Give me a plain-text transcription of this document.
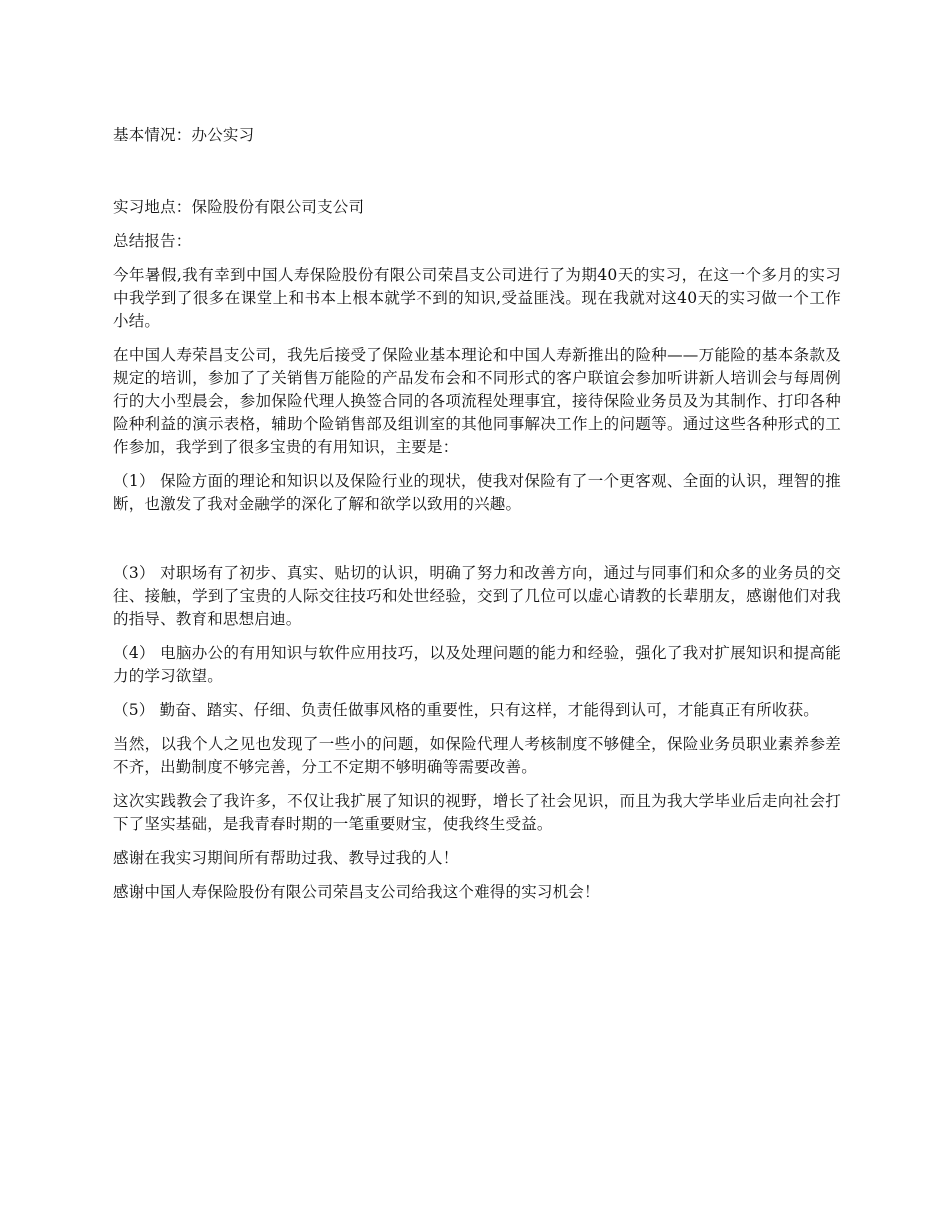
基本情况：办公实习

实习地点：保险股份有限公司支公司

总结报告：

今年暑假,我有幸到中国人寿保险股份有限公司荣昌支公司进行了为期40天的实习，在这一个多月的实习中我学到了很多在课堂上和书本上根本就学不到的知识,受益匪浅。现在我就对这40天的实习做一个工作小结。

在中国人寿荣昌支公司，我先后接受了保险业基本理论和中国人寿新推出的险种——万能险的基本条款及规定的培训，参加了了关销售万能险的产品发布会和不同形式的客户联谊会参加听讲新人培训会与每周例行的大小型晨会，参加保险代理人换签合同的各项流程处理事宜，接待保险业务员及为其制作、打印各种险种利益的演示表格，辅助个险销售部及组训室的其他同事解决工作上的问题等。通过这些各种形式的工作参加，我学到了很多宝贵的有用知识，主要是：

（1） 保险方面的理论和知识以及保险行业的现状，使我对保险有了一个更客观、全面的认识，理智的推断，也激发了我对金融学的深化了解和欲学以致用的兴趣。

（3） 对职场有了初步、真实、贴切的认识，明确了努力和改善方向，通过与同事们和众多的业务员的交往、接触，学到了宝贵的人际交往技巧和处世经验，交到了几位可以虚心请教的长辈朋友，感谢他们对我的指导、教育和思想启迪。

（4） 电脑办公的有用知识与软件应用技巧，以及处理问题的能力和经验，强化了我对扩展知识和提高能力的学习欲望。

（5） 勤奋、踏实、仔细、负责任做事风格的重要性，只有这样，才能得到认可，才能真正有所收获。

当然，以我个人之见也发现了一些小的问题，如保险代理人考核制度不够健全，保险业务员职业素养参差不齐，出勤制度不够完善，分工不定期不够明确等需要改善。

这次实践教会了我许多，不仅让我扩展了知识的视野，增长了社会见识，而且为我大学毕业后走向社会打下了坚实基础，是我青春时期的一笔重要财宝，使我终生受益。

感谢在我实习期间所有帮助过我、教导过我的人！

感谢中国人寿保险股份有限公司荣昌支公司给我这个难得的实习机会！
